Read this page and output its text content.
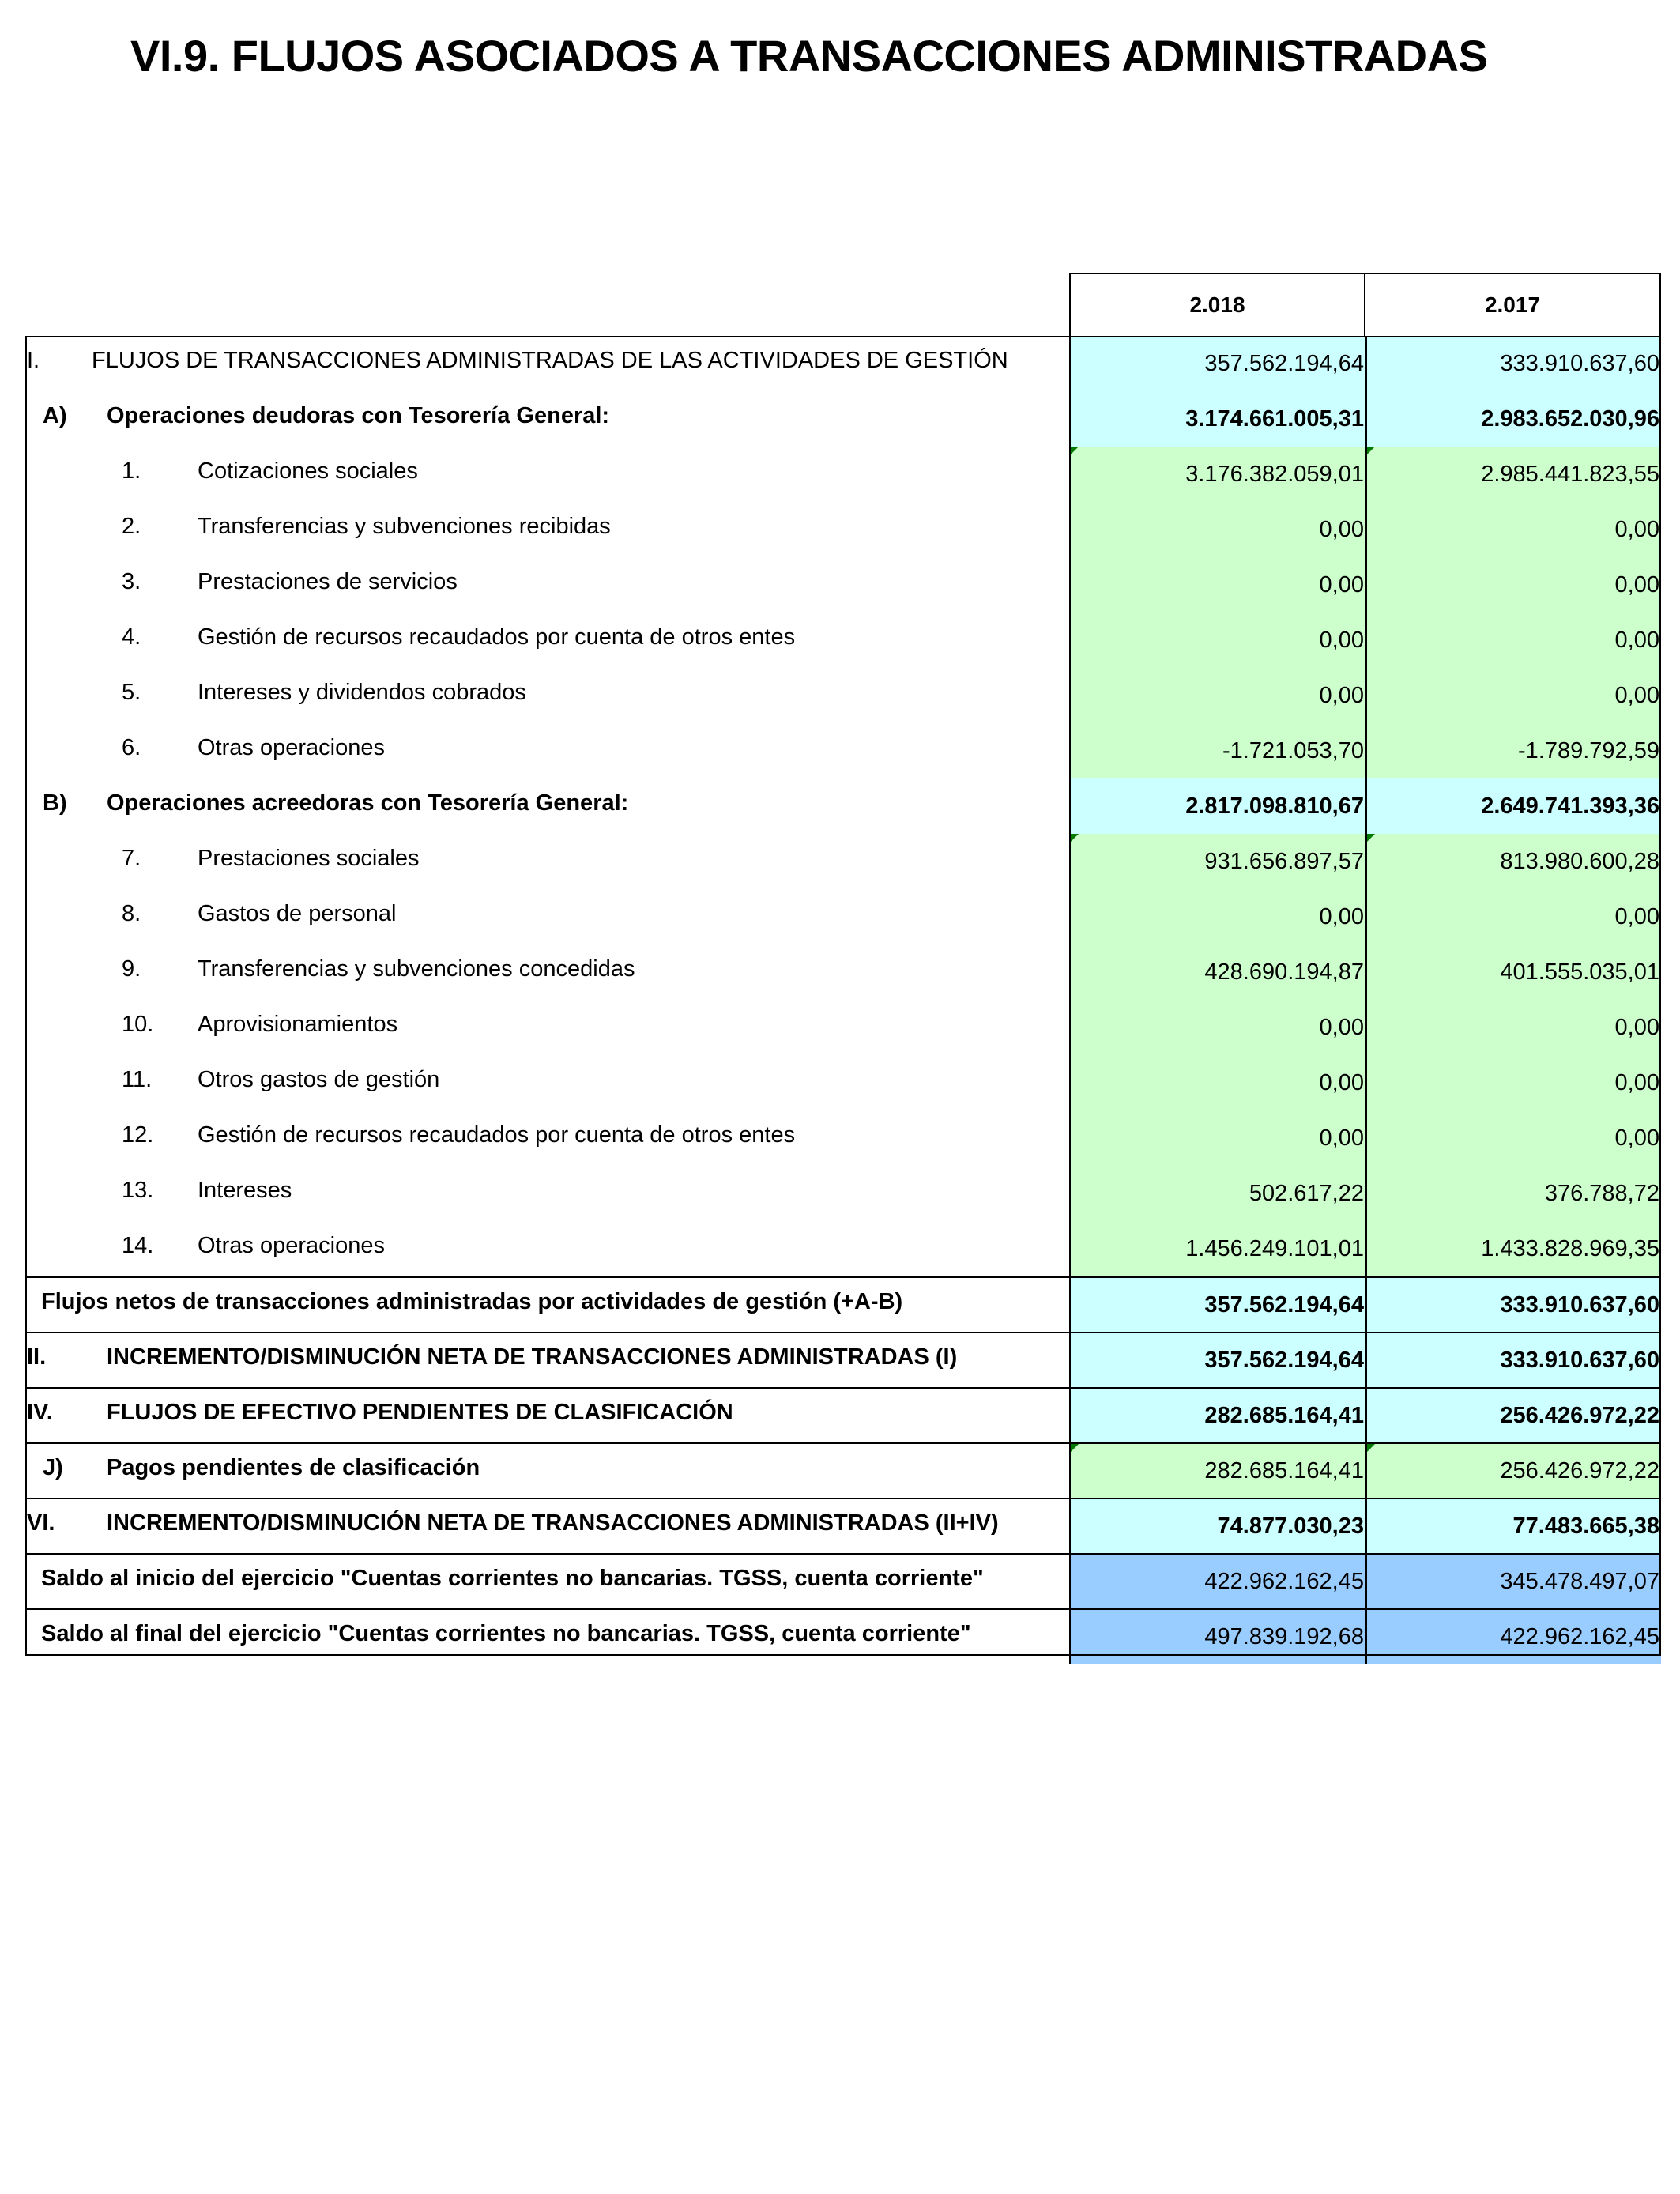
VI.9. FLUJOS ASOCIADOS A TRANSACCIONES ADMINISTRADAS
2.018	2.017
I. FLUJOS DE TRANSACCIONES ADMINISTRADAS DE LAS ACTIVIDADES DE GESTIÓN	357.562.194,64	333.910.637,60
A) Operaciones deudoras con Tesorería General:	3.174.661.005,31	2.983.652.030,96
1. Cotizaciones sociales	3.176.382.059,01	2.985.441.823,55
2. Transferencias y subvenciones recibidas	0,00	0,00
3. Prestaciones de servicios	0,00	0,00
4. Gestión de recursos recaudados por cuenta de otros entes	0,00	0,00
5. Intereses y dividendos cobrados	0,00	0,00
6. Otras operaciones	-1.721.053,70	-1.789.792,59
B) Operaciones acreedoras con Tesorería General:	2.817.098.810,67	2.649.741.393,36
7. Prestaciones sociales	931.656.897,57	813.980.600,28
8. Gastos de personal	0,00	0,00
9. Transferencias y subvenciones concedidas	428.690.194,87	401.555.035,01
10. Aprovisionamientos	0,00	0,00
11. Otros gastos de gestión	0,00	0,00
12. Gestión de recursos recaudados por cuenta de otros entes	0,00	0,00
13. Intereses	502.617,22	376.788,72
14. Otras operaciones	1.456.249.101,01	1.433.828.969,35
Flujos netos de transacciones administradas por actividades de gestión (+A-B)	357.562.194,64	333.910.637,60
II.	INCREMENTO/DISMINUCIÓN NETA DE TRANSACCIONES ADMINISTRADAS (I)	357.562.194,64	333.910.637,60
IV. FLUJOS DE EFECTIVO PENDIENTES DE CLASIFICACIÓN	282.685.164,41	256.426.972,22
J) Pagos pendientes de clasificación	282.685.164,41	256.426.972,22
VI. INCREMENTO/DISMINUCIÓN NETA DE TRANSACCIONES ADMINISTRADAS (II+IV)	74.877.030,23	77.483.665,38
Saldo al inicio del ejercicio "Cuentas corrientes no bancarias. TGSS, cuenta corriente"	422.962.162,45	345.478.497,07
Saldo al final del ejercicio "Cuentas corrientes no bancarias. TGSS, cuenta corriente"	497.839.192,68	422.962.162,45
